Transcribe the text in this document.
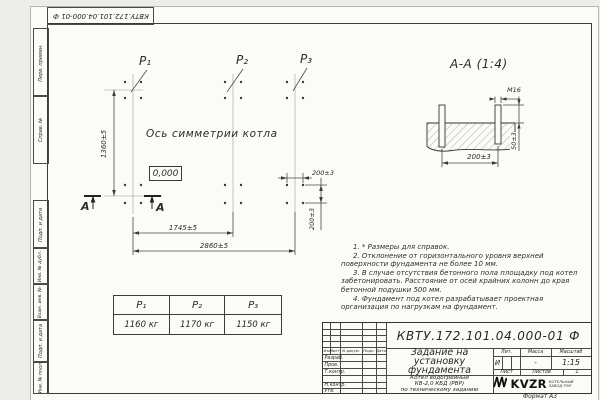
КВТУ.172.101.04.000-01 Ф
Перв. примен.
Справ. №
Подп. и дата
Инв. № дубл.
Взам. инв. №
Подп. и дата
Инв. № подл.
P₁	P₂	P₃
Ось симметрии котла
0,000
1360±5
1745±5
2860±5
200±3
200±3
А	А
А-А (1:4)
М16
50±3
200±3

1. * Размеры для справок.

2. Отклонение от горизонтального уровня верхней поверхности фундамента не более 10 мм.

3. В случае отсутствия бетонного пола площадку под котел забетонировать. Расстояние от осей крайних колонн до края бетонной подушки 500 мм.

4. Фундамент под котел разрабатывает проектная организация по нагрузкам на фундамент.

P₁	P₂	P₃
1160 кг	1170 кг	1150 кг
КВТУ.172.101.04.000-01 Ф
Задание на
установку
фундамента
Котел водогрейный
КВ-2,0 КБД (РВР)
по техническому заданию
Лит.	Масса	Масштаб
И	-	1:15
Лист	Листов	1
KVZR КОТЕЛЬНЫЙ
ЗАВОД РЭП
Изм.
Лист N докум. Подп. Дата
Разраб.
Пров.
Т.контр.
Н.контр.
Утв.
Формат А3
